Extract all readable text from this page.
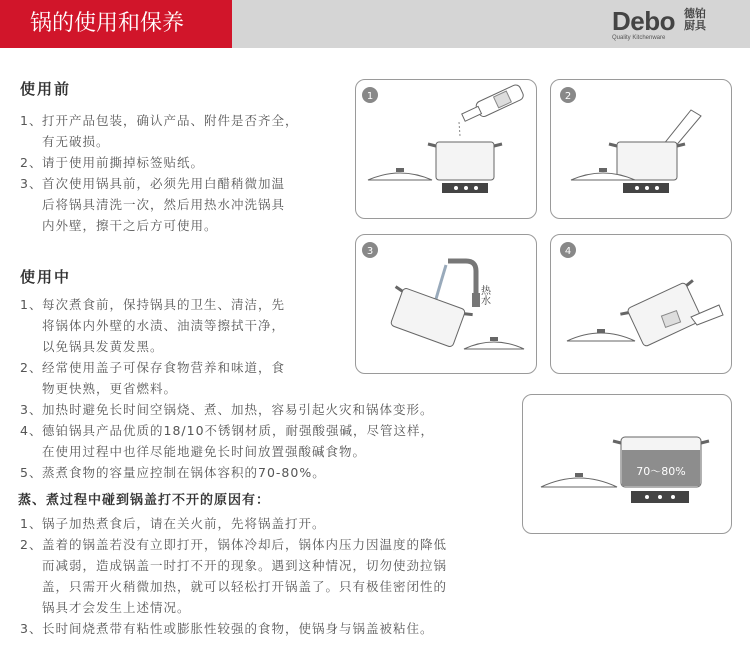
锅的使用和保养	Debo 德铂厨具
Quality Kitchenware
使用前
1、 打开产品包装，确认产品、附件是否齐全，
有无破损。
2、 请于使用前撕掉标签贴纸。
3、 首次使用锅具前，必须先用白醋稍微加温
后将锅具清洗一次，然后用热水冲洗锅具
内外壁，擦干之后方可使用。
使用中
1、 每次煮食前，保持锅具的卫生、清洁，先
将锅体内外壁的水渍、油渍等擦拭干净，
以免锅具发黄发黑。
2、 经常使用盖子可保存食物营养和味道，食
物更快熟，更省燃料。
3、 加热时避免长时间空锅烧、煮、加热，容易引起火灾和锅体变形。
4、 德铂锅具产品优质的18/10不锈钢材质，耐强酸强碱，尽管这样，
在使用过程中也徉尽能地避免长时间放置强酸碱食物。
5、 蒸煮食物的容量应控制在锅体容积的70-80%。
蒸、煮过程中碰到锅盖打不开的原因有：
1、 锅子加热煮食后，请在关火前，先将锅盖打开。
2、 盖着的锅盖若没有立即打开，锅体冷却后，锅体内压力因温度的降低
而减弱，造成锅盖一时打不开的现象。遇到这种情况，切勿使劲拉锅
盖，只需开火稍微加热，就可以轻松打开锅盖了。只有极佳密闭性的
锅具才会发生上述情况。
3、 长时间烧煮带有粘性或膨胀性较强的食物，使锅身与锅盖被粘住。
1	2
3
热水
4
70～80%
